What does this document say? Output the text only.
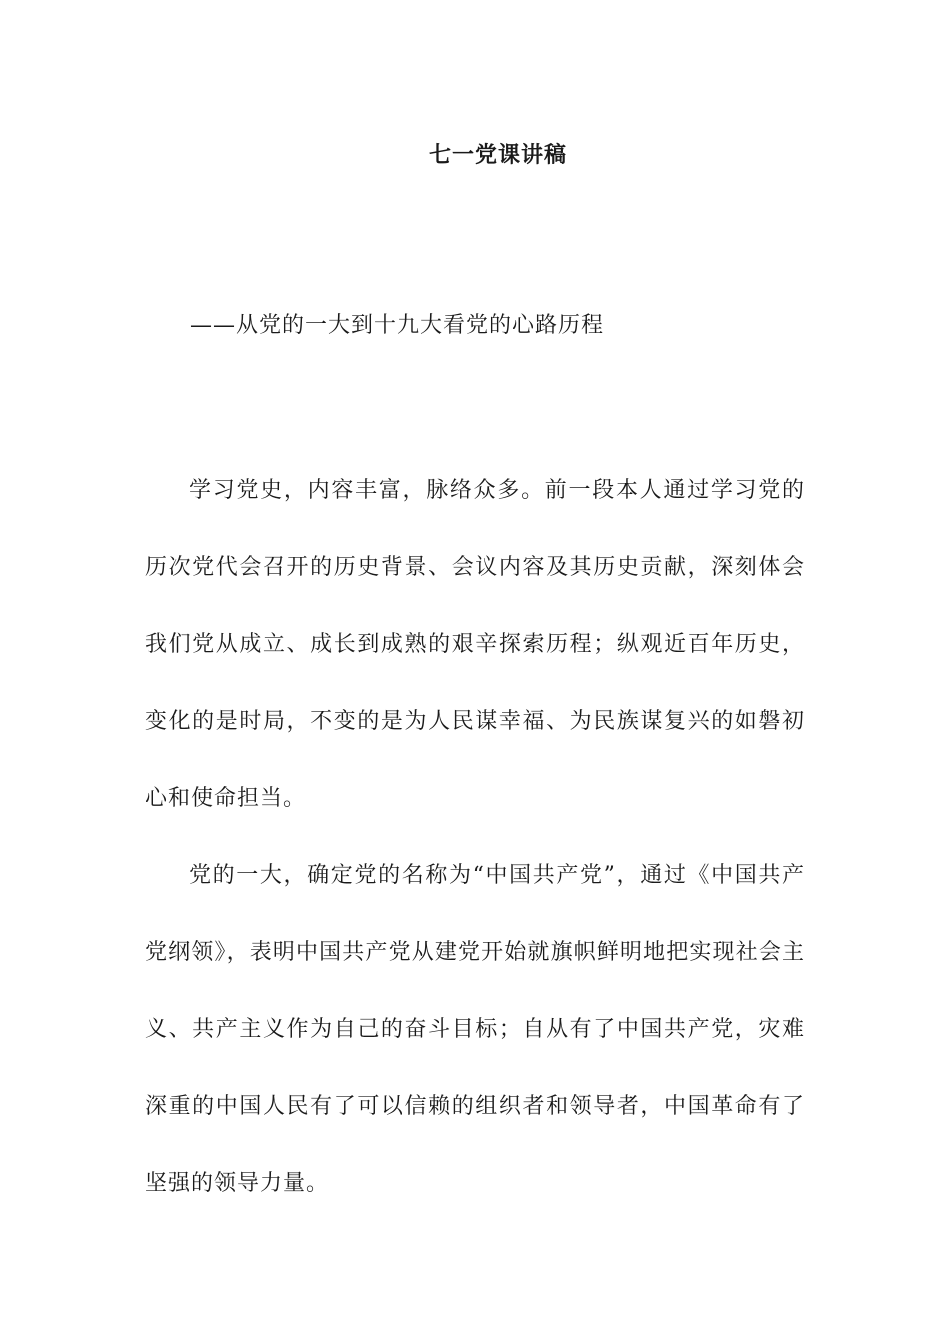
七一党课讲稿

——从党的一大到十九大看党的心路历程

学习党史，内容丰富，脉络众多。前一段本人通过学习党的历次党代会召开的历史背景、会议内容及其历史贡献，深刻体会我们党从成立、成长到成熟的艰辛探索历程；纵观近百年历史，变化的是时局，不变的是为人民谋幸福、为民族谋复兴的如磐初心和使命担当。

党的一大，确定党的名称为“中国共产党”，通过《中国共产党纲领》，表明中国共产党从建党开始就旗帜鲜明地把实现社会主义、共产主义作为自己的奋斗目标；自从有了中国共产党，灾难深重的中国人民有了可以信赖的组织者和领导者，中国革命有了坚强的领导力量。
